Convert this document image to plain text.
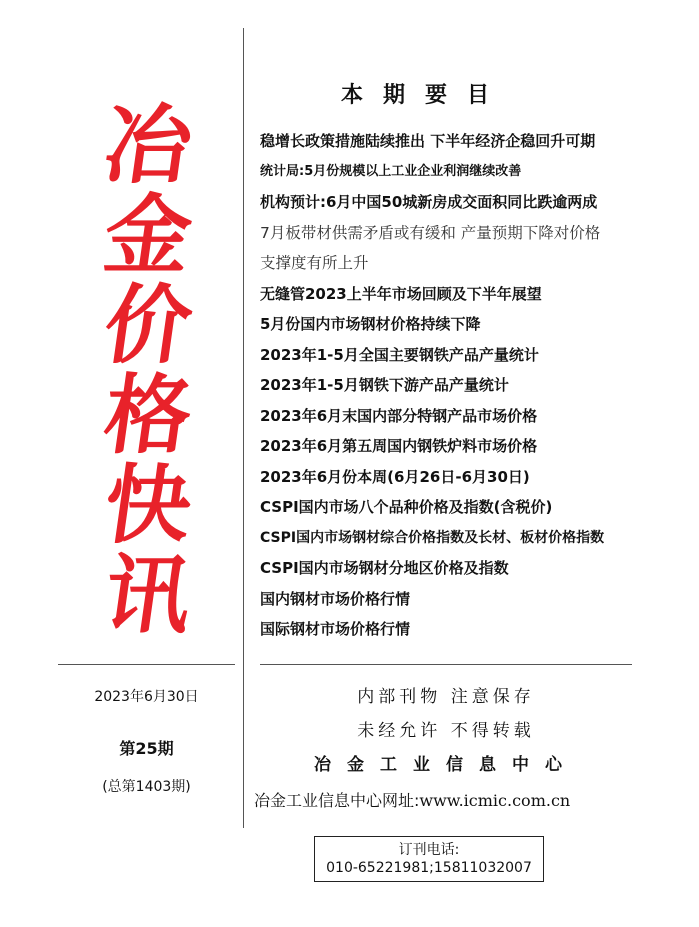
冶
金
价
格
快
讯
2023年6月30日
第25期
(总第1403期)
本期要目
稳增长政策措施陆续推出 下半年经济企稳回升可期
统计局:5月份规模以上工业企业利润继续改善
机构预计:6月中国50城新房成交面积同比跌逾两成
7月板带材供需矛盾或有缓和 产量预期下降对价格
支撑度有所上升
无缝管2023上半年市场回顾及下半年展望
5月份国内市场钢材价格持续下降
2023年1-5月全国主要钢铁产品产量统计
2023年1-5月钢铁下游产品产量统计
2023年6月末国内部分特钢产品市场价格
2023年6月第五周国内钢铁炉料市场价格
2023年6月份本周(6月26日-6月30日)
CSPI国内市场八个品种价格及指数(含税价)
CSPI国内市场钢材综合价格指数及长材、板材价格指数
CSPI国内市场钢材分地区价格及指数
国内钢材市场价格行情
国际钢材市场价格行情
内部刊物 注意保存
未经允许 不得转载
冶金工业信息中心
冶金工业信息中心网址:www.icmic.com.cn
订刊电话:
010-65221981;15811032007
